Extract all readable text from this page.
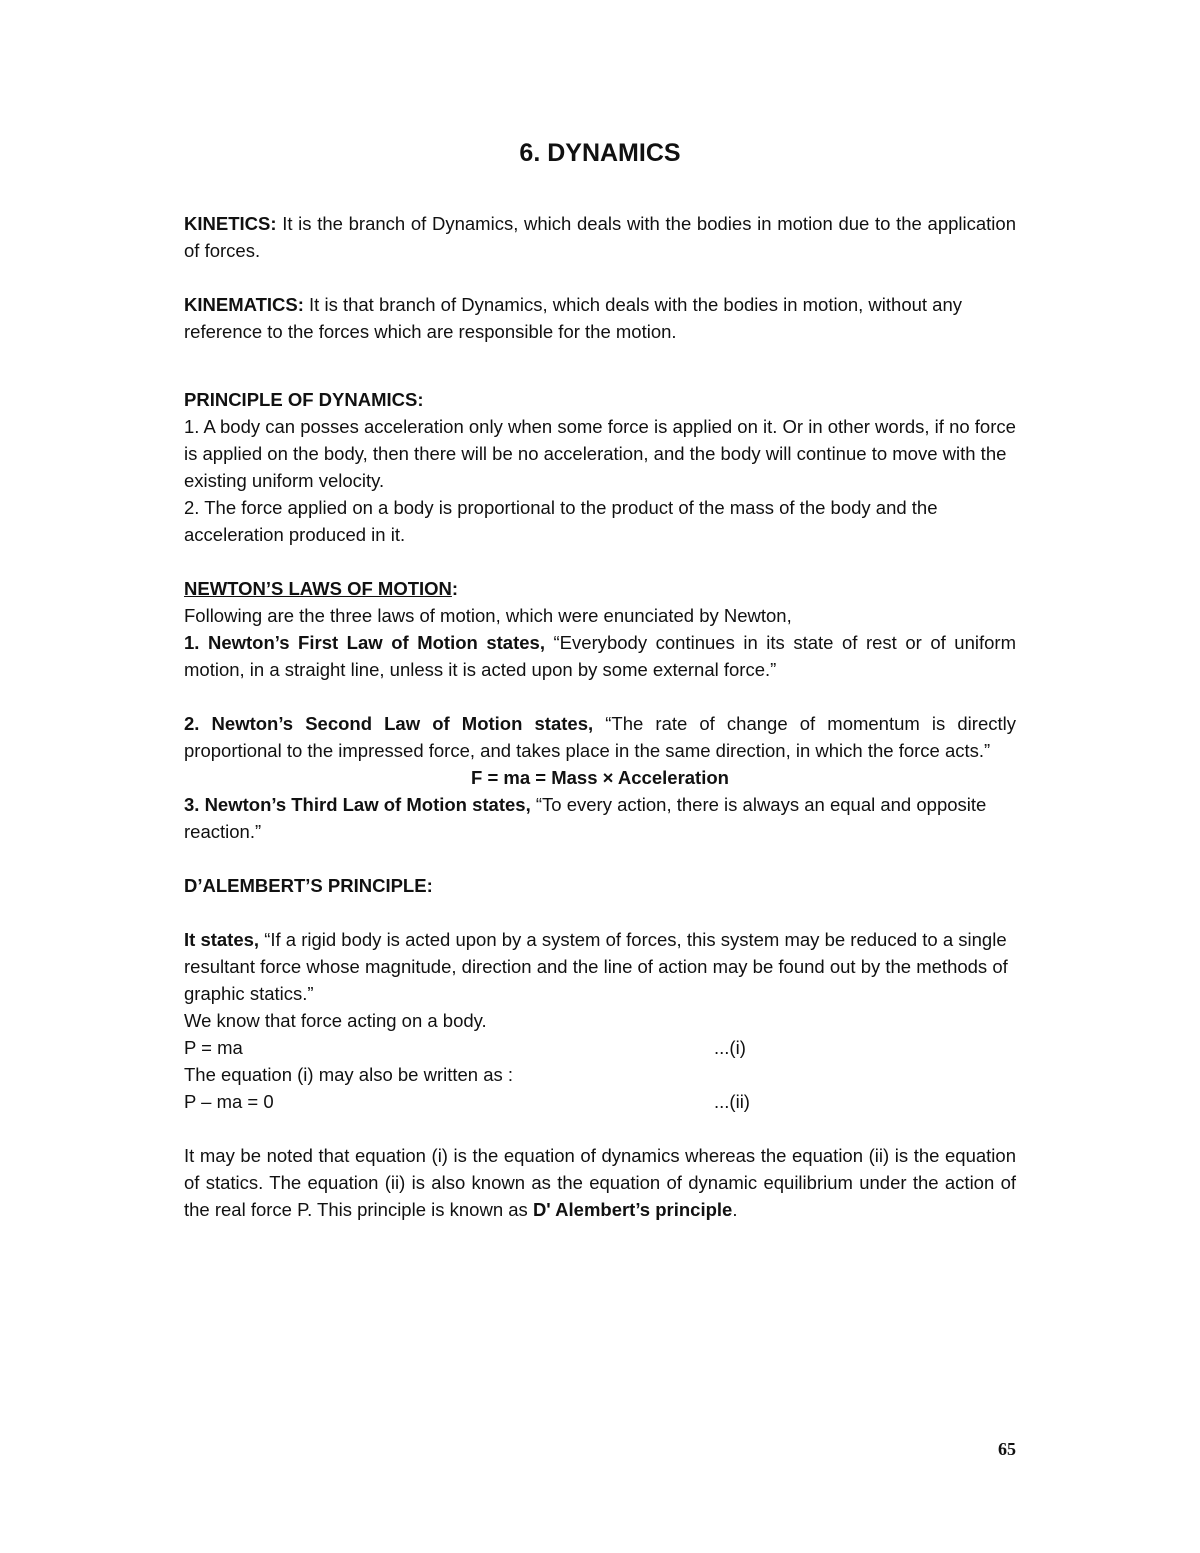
6. DYNAMICS

KINETICS: It is the branch of Dynamics, which deals with the bodies in motion due to the application of forces.

KINEMATICS: It is that branch of Dynamics, which deals with the bodies in motion, without any reference to the forces which are responsible for the motion.

PRINCIPLE OF DYNAMICS:

1. A body can posses acceleration only when some force is applied on it. Or in other words, if no force is applied on the body, then there will be no acceleration, and the body will continue to move with the existing uniform velocity.

2. The force applied on a body is proportional to the product of the mass of the body and the acceleration produced in it.

NEWTON’S LAWS OF MOTION:

Following are the three laws of motion, which were enunciated by Newton,

1. Newton’s First Law of Motion states, “Everybody continues in its state of rest or of uniform motion, in a straight line, unless it is acted upon by some external force.”

2. Newton’s Second Law of Motion states, “The rate of change of momentum is directly proportional to the impressed force, and takes place in the same direction, in which the force acts.”

F = ma = Mass × Acceleration

3. Newton’s Third Law of Motion states, “To every action, there is always an equal and opposite reaction.”

D’ALEMBERT’S PRINCIPLE:

It states, “If a rigid body is acted upon by a system of forces, this system may be reduced to a single resultant force whose magnitude, direction and the line of action may be found out by the methods of graphic statics.”

We know that force acting on a body.

P = ma	...(i)

The equation (i) may also be written as :

P – ma = 0	...(ii)

It may be noted that equation (i) is the equation of dynamics whereas the equation (ii) is the equation of statics. The equation (ii) is also known as the equation of dynamic equilibrium under the action of the real force P. This principle is known as D' Alembert’s principle.

65
